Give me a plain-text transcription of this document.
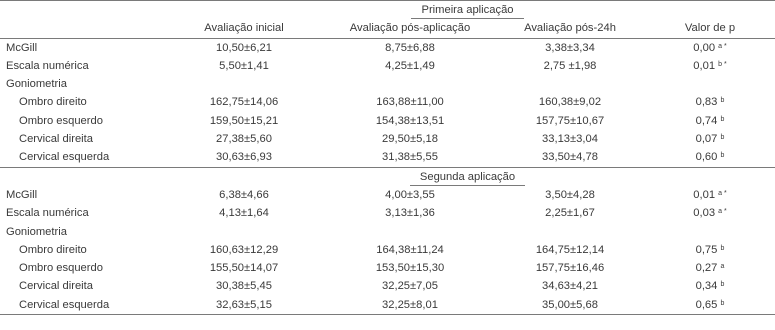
Primeira aplicação				
	Avaliação inicial	Avaliação pós-aplicação	Avaliação pós-24h	Valor de p
McGill	10,50±6,21	8,75±6,88	3,38±3,34	0,00 $^{a *}$
Escala numérica	5,50±1,41	4,25±1,49	2,75 ±1,98	0,01 $^{b *}$
Goniometria				
Ombro direito	162,75±14,06	163,88±11,00	160,38±9,02	0,83 $^b$
Ombro esquerdo	159,50±15,21	154,38±13,51	157,75±10,67	0,74 $^b$
Cervical direita	27,38±5,60	29,50±5,18	33,13±3,04	0,07 $^b$
Cervical esquerda	30,63±6,93	31,38±5,55	33,50±4,78	0,60 $^b$
Segunda aplicação				
McGill	6,38±4,66	4,00±3,55	3,50±4,28	0,01 $^{a *}$
Escala numérica	4,13±1,64	3,13±1,36	2,25±1,67	0,03 $^{a *}$
Goniometria				
Ombro direito	160,63±12,29	164,38±11,24	164,75±12,14	0,75 $^b$
Ombro esquerdo	155,50±14,07	153,50±15,30	157,75±16,46	0,27 $^a$
Cervical direita	30,38±5,45	32,25±7,05	34,63±4,21	0,34 $^b$
Cervical esquerda	32,63±5,15	32,25±8,01	35,00±5,68	0,65 $^b$
